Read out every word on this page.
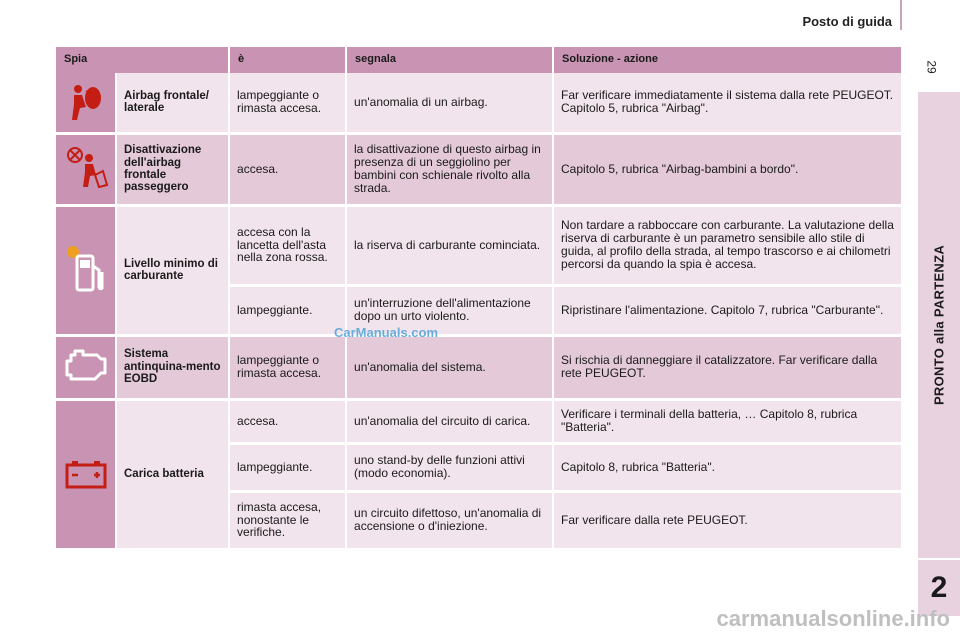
Posto di guida
29
PRONTO alla PARTENZA
2
Spia		è	segnala	Soluzione - azione

	Airbag frontale/ laterale	lampeggiante o rimasta accesa.	un'anomalia di un airbag.	Far verificare immediatamente il sistema dalla rete PEUGEOT. Capitolo 5, rubrica "Airbag".

	Disattivazione dell'airbag frontale passeggero	accesa.	la disattivazione di questo airbag in presenza di un seggiolino per bambini con schienale rivolto alla strada.	Capitolo 5, rubrica "Airbag-bambini a bordo".

	Livello minimo di carburante	accesa con la lancetta dell'asta nella zona rossa.	la riserva di carburante cominciata.	Non tardare a rabboccare con carburante. La valutazione della riserva di carburante è un parametro sensibile allo stile di guida, al profilo della strada, al tempo trascorso e ai chilometri percorsi da quando la spia è accesa.
		lampeggiante.	un'interruzione dell'alimentazione dopo un urto violento.	Ripristinare l'alimentazione. Capitolo 7, rubrica "Carburante".

	Sistema antinquina-mento EOBD	lampeggiante o rimasta accesa.	un'anomalia del sistema.	Si rischia di danneggiare il catalizzatore. Far verificare dalla rete PEUGEOT.

	Carica batteria	accesa.	un'anomalia del circuito di carica.	Verificare i terminali della batteria, … Capitolo 8, rubrica "Batteria".
		lampeggiante.	uno stand-by delle funzioni attivi (modo economia).	Capitolo 8, rubrica "Batteria".
		rimasta accesa, nonostante le verifiche.	un circuito difettoso, un'anomalia di accensione o d'iniezione.	Far verificare dalla rete PEUGEOT.
CarManuals.com
carmanualsonline.info
